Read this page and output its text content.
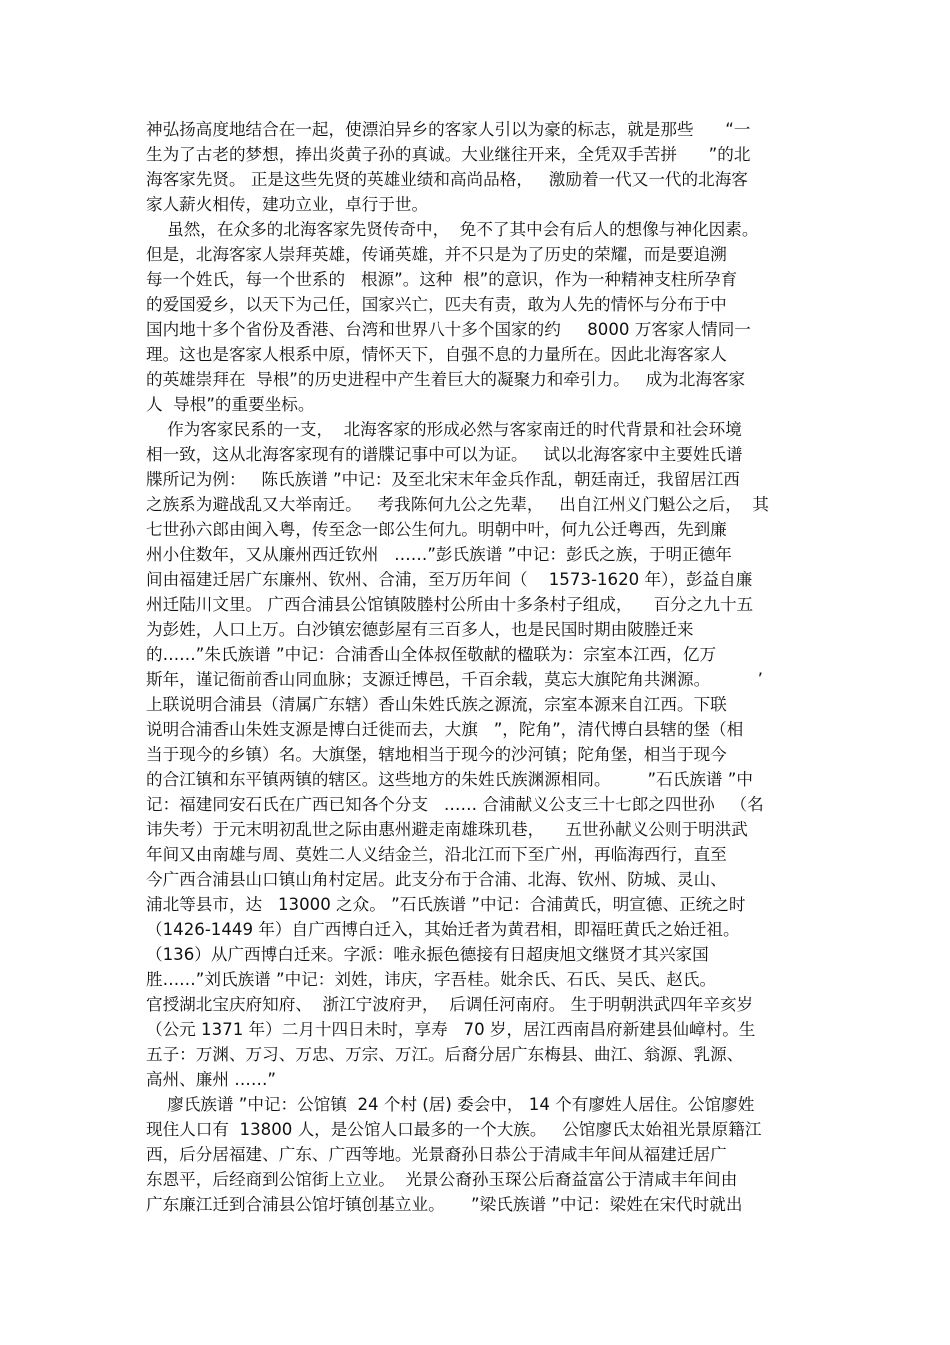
神弘扬高度地结合在一起，使漂泊异乡的客家人引以为豪的标志，就是那些      “一

生为了古老的梦想，捧出炎黄子孙的真诚。大业继往开来，全凭双手苦拼      ”的北

海客家先贤。 正是这些先贤的英雄业绩和高尚品格，   激励着一代又一代的北海客

家人薪火相传，建功立业，卓行于世。

虽然，在众多的北海客家先贤传奇中，  免不了其中会有后人的想像与神化因素。

但是，北海客家人崇拜英雄，传诵英雄，并不只是为了历史的荣耀，而是要追溯

每一个姓氏，每一个世系的   根源”。这种  根”的意识，作为一种精神支柱所孕育

的爱国爱乡，以天下为己任，国家兴亡，匹夫有责，敢为人先的情怀与分布于中

国内地十多个省份及香港、台湾和世界八十多个国家的约     8000 万客家人情同一

理。这也是客家人根系中原，情怀天下，自强不息的力量所在。因此北海客家人

的英雄崇拜在  导根”的历史进程中产生着巨大的凝聚力和牵引力。   成为北海客家

人  导根”的重要坐标。

作为客家民系的一支，  北海客家的形成必然与客家南迁的时代背景和社会环境

相一致，这从北海客家现有的谱牒记事中可以为证。   试以北海客家中主要姓氏谱

牒所记为例：   陈氏族谱 ”中记：及至北宋末年金兵作乱，朝廷南迁，我留居江西

之族系为避战乱又大举南迁。   考我陈何九公之先辈，   出自江州义门魁公之后，  其

七世孙六郎由闽入粤，传至念一郎公生何九。明朝中叶，何九公迁粤西，先到廉

州小住数年，又从廉州西迁钦州   ……”彭氏族谱 ”中记：彭氏之族，于明正德年

间由福建迁居广东廉州、钦州、合浦，至万历年间（    1573-1620 年），彭益自廉

州迁陆川文里。 广西合浦县公馆镇陂塍村公所由十多条村子组成，    百分之九十五

为彭姓，人口上万。白沙镇宏德彭屋有三百多人，也是民国时期由陂塍迁来

的……”朱氏族谱 ”中记：合浦香山全体叔侄敬献的楹联为：宗室本江西，亿万

斯年，谨记衙前香山同血脉；支源迁博邑，千百余载，莫忘大旗陀角共渊源。         ’

上联说明合浦县（清属广东辖）香山朱姓氏族之源流，宗室本源来自江西。下联

说明合浦香山朱姓支源是博白迁徙而去，大旗   ”，陀角”，清代博白县辖的堡（相

当于现今的乡镇）名。大旗堡，辖地相当于现今的沙河镇；陀角堡，相当于现今

的合江镇和东平镇两镇的辖区。这些地方的朱姓氏族渊源相同。       ”石氏族谱 ”中

记：福建同安石氏在广西已知各个分支   …… 合浦献义公支三十七郎之四世孙   （名

讳失考）于元末明初乱世之际由惠州避走南雄珠玑巷，    五世孙献义公则于明洪武

年间又由南雄与周、莫姓二人义结金兰，沿北江而下至广州，再临海西行，直至

今广西合浦县山口镇山角村定居。此支分布于合浦、北海、钦州、防城、灵山、

浦北等县市，达   13000 之众。 ”石氏族谱 ”中记：合浦黄氏，明宣德、正统之时

（1426-1449 年）自广西博白迁入，其始迁者为黄君相，即福旺黄氏之始迁祖。

（136）从广西博白迁来。字派：唯永振色德接有日超庚旭文继贤才其兴家国

胜……”刘氏族谱 ”中记：刘姓，讳庆，字吾桂。妣余氏、石氏、吴氏、赵氏。

官授湖北宝庆府知府、  浙江宁波府尹，  后调任河南府。 生于明朝洪武四年辛亥岁

（公元 1371 年）二月十四日未时，享寿   70 岁，居江西南昌府新建县仙嶂村。生

五子：万渊、万习、万忠、万宗、万江。后裔分居广东梅县、曲江、翁源、乳源、

高州、廉州 ……”

廖氏族谱 ”中记：公馆镇  24 个村 (居) 委会中， 14 个有廖姓人居住。公馆廖姓

现住人口有  13800 人，是公馆人口最多的一个大族。   公馆廖氏太始祖光景原籍江

西，后分居福建、广东、广西等地。光景裔孙日恭公于清咸丰年间从福建迁居广

东恩平，后经商到公馆街上立业。  光景公裔孙玉琛公后裔益富公于清咸丰年间由

广东廉江迁到合浦县公馆圩镇创基立业。     ”梁氏族谱 ”中记：梁姓在宋代时就出
